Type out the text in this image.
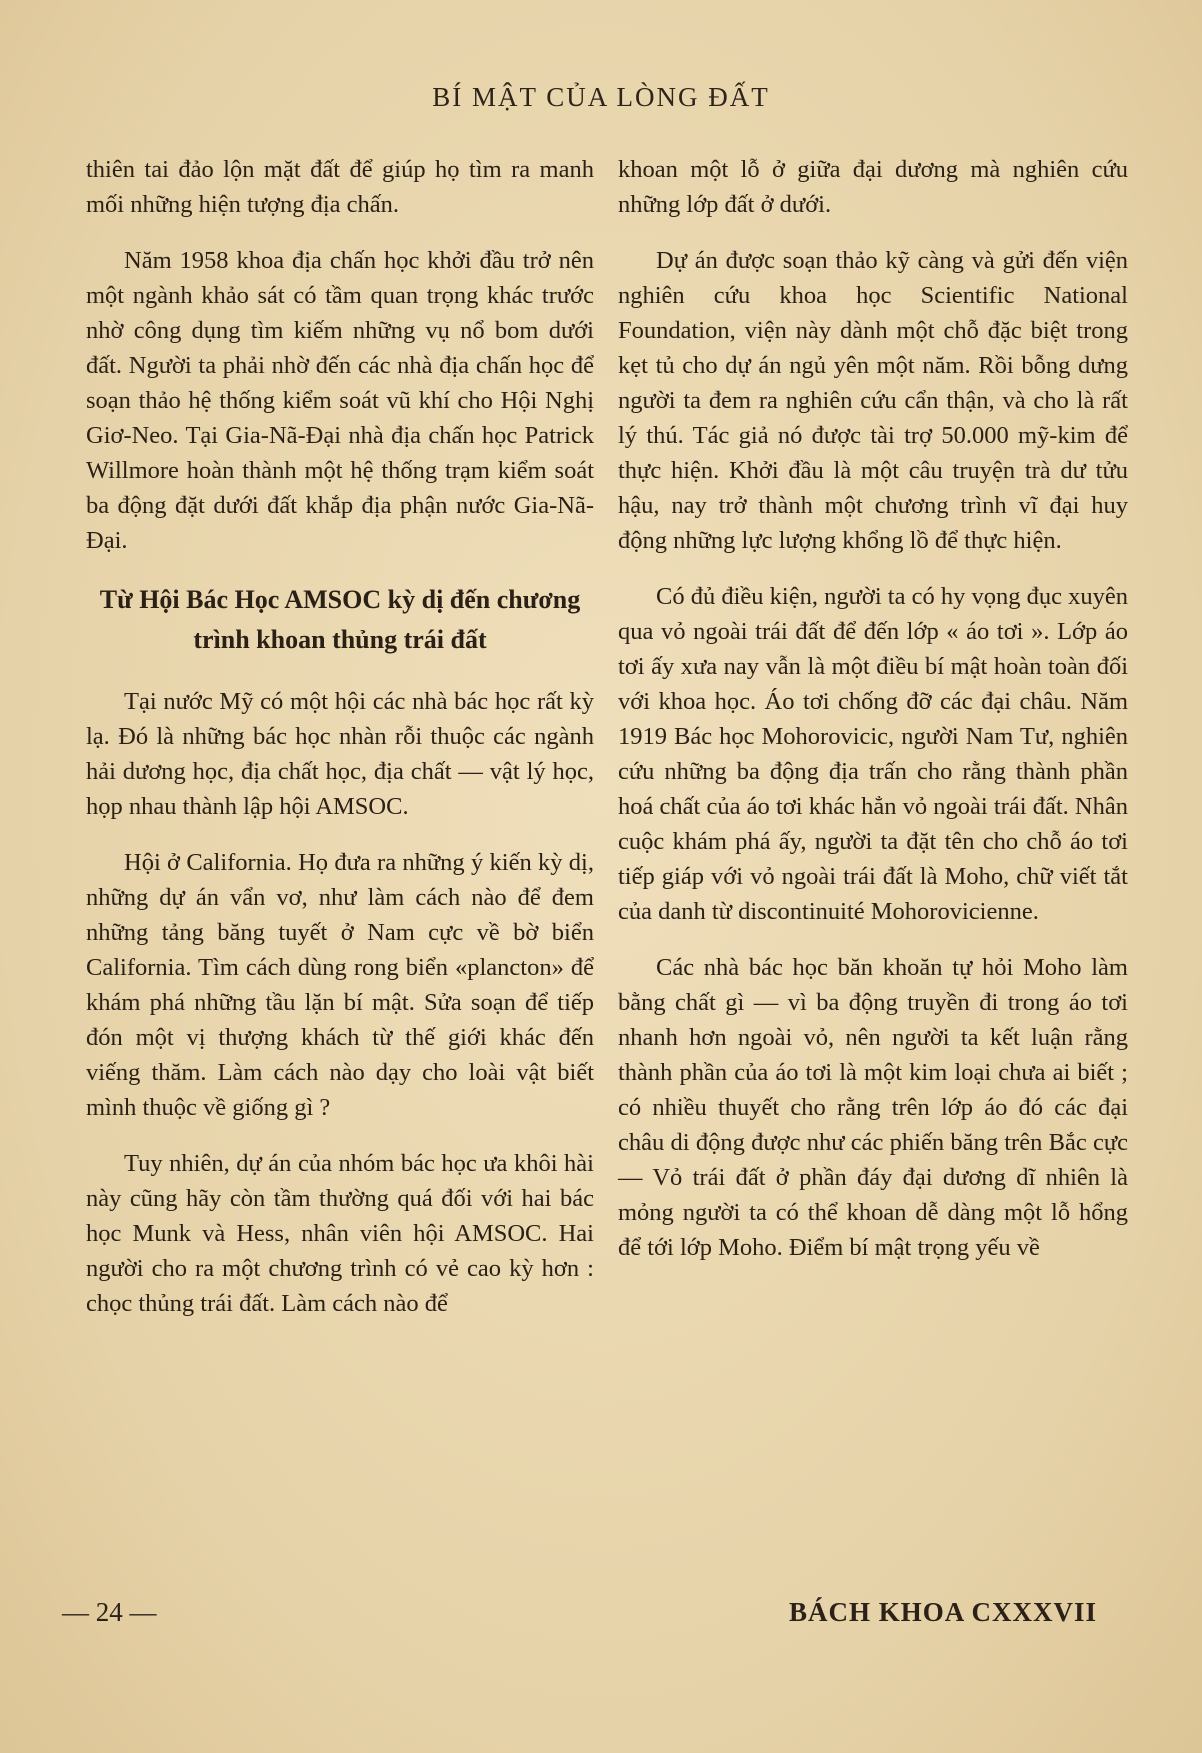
BÍ MẬT CỦA LÒNG ĐẤT

thiên tai đảo lộn mặt đất để giúp họ tìm ra manh mối những hiện tượng địa chấn.

Năm 1958 khoa địa chấn học khởi đầu trở nên một ngành khảo sát có tầm quan trọng khác trước nhờ công dụng tìm kiếm những vụ nổ bom dưới đất. Người ta phải nhờ đến các nhà địa chấn học để soạn thảo hệ thống kiểm soát vũ khí cho Hội Nghị Giơ-Neo. Tại Gia-Nã-Đại nhà địa chấn học Patrick Willmore hoàn thành một hệ thống trạm kiểm soát ba động đặt dưới đất khắp địa phận nước Gia-Nã-Đại.

Từ Hội Bác Học AMSOC kỳ dị đến chương trình khoan thủng trái đất

Tại nước Mỹ có một hội các nhà bác học rất kỳ lạ. Đó là những bác học nhàn rỗi thuộc các ngành hải dương học, địa chất học, địa chất — vật lý học, họp nhau thành lập hội AMSOC.

Hội ở California. Họ đưa ra những ý kiến kỳ dị, những dự án vẩn vơ, như làm cách nào để đem những tảng băng tuyết ở Nam cực về bờ biển California. Tìm cách dùng rong biển «plancton» để khám phá những tầu lặn bí mật. Sửa soạn để tiếp đón một vị thượng khách từ thế giới khác đến viếng thăm. Làm cách nào dạy cho loài vật biết mình thuộc về giống gì ?

Tuy nhiên, dự án của nhóm bác học ưa khôi hài này cũng hãy còn tầm thường quá đối với hai bác học Munk và Hess, nhân viên hội AMSOC. Hai người cho ra một chương trình có vẻ cao kỳ hơn : chọc thủng trái đất. Làm cách nào để

khoan một lỗ ở giữa đại dương mà nghiên cứu những lớp đất ở dưới.

Dự án được soạn thảo kỹ càng và gửi đến viện nghiên cứu khoa học Scientific National Foundation, viện này dành một chỗ đặc biệt trong kẹt tủ cho dự án ngủ yên một năm. Rồi bỗng dưng người ta đem ra nghiên cứu cẩn thận, và cho là rất lý thú. Tác giả nó được tài trợ 50.000 mỹ-kim để thực hiện. Khởi đầu là một câu truyện trà dư tửu hậu, nay trở thành một chương trình vĩ đại huy động những lực lượng khổng lồ để thực hiện.

Có đủ điều kiện, người ta có hy vọng đục xuyên qua vỏ ngoài trái đất để đến lớp « áo tơi ». Lớp áo tơi ấy xưa nay vẫn là một điều bí mật hoàn toàn đối với khoa học. Áo tơi chống đỡ các đại châu. Năm 1919 Bác học Mohorovicic, người Nam Tư, nghiên cứu những ba động địa trấn cho rằng thành phần hoá chất của áo tơi khác hẳn vỏ ngoài trái đất. Nhân cuộc khám phá ấy, người ta đặt tên cho chỗ áo tơi tiếp giáp với vỏ ngoài trái đất là Moho, chữ viết tắt của danh từ discontinuité Mohorovicienne.

Các nhà bác học băn khoăn tự hỏi Moho làm bằng chất gì — vì ba động truyền đi trong áo tơi nhanh hơn ngoài vỏ, nên người ta kết luận rằng thành phần của áo tơi là một kim loại chưa ai biết ; có nhiều thuyết cho rằng trên lớp áo đó các đại châu di động được như các phiến băng trên Bắc cực — Vỏ trái đất ở phần đáy đại dương dĩ nhiên là mỏng người ta có thể khoan dễ dàng một lỗ hổng để tới lớp Moho. Điểm bí mật trọng yếu về

— 24 —	BÁCH KHOA CXXXVII
